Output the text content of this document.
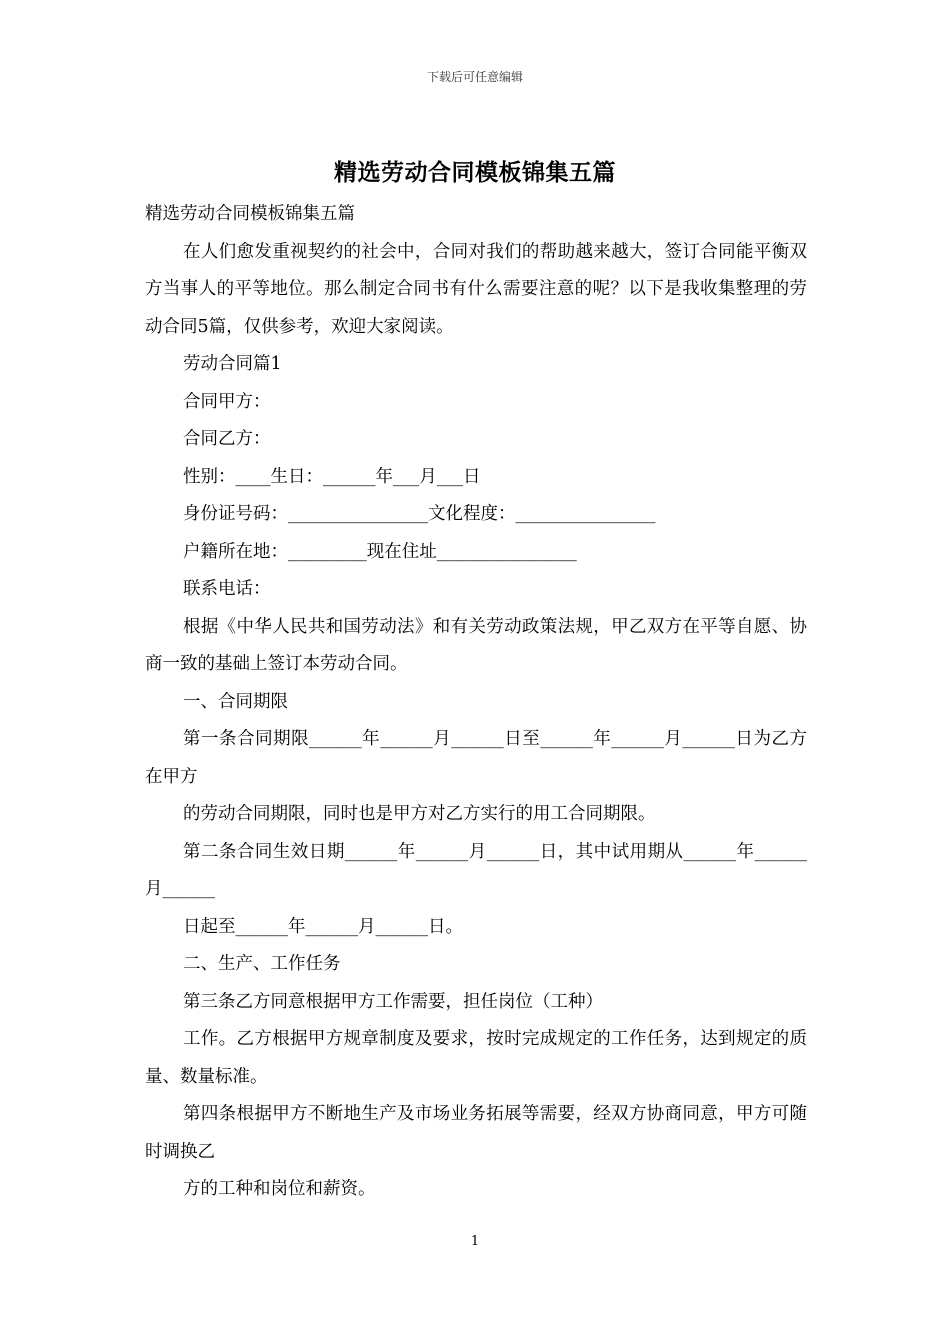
下载后可任意编辑
精选劳动合同模板锦集五篇

精选劳动合同模板锦集五篇

在人们愈发重视契约的社会中，合同对我们的帮助越来越大，签订合同能平衡双方当事人的平等地位。那么制定合同书有什么需要注意的呢？以下是我收集整理的劳动合同5篇，仅供参考，欢迎大家阅读。

劳动合同篇1

合同甲方：

合同乙方：

性别：____生日：______年___月___日

身份证号码：________________文化程度：________________

户籍所在地：_________现在住址________________

联系电话：

根据《中华人民共和国劳动法》和有关劳动政策法规，甲乙双方在平等自愿、协商一致的基础上签订本劳动合同。

一、合同期限

第一条合同期限______年______月______日至______年______月______日为乙方在甲方

的劳动合同期限，同时也是甲方对乙方实行的用工合同期限。

第二条合同生效日期______年______月______日，其中试用期从______年______月______

日起至______年______月______日。

二、生产、工作任务

第三条乙方同意根据甲方工作需要，担任岗位（工种）

工作。乙方根据甲方规章制度及要求，按时完成规定的工作任务，达到规定的质量、数量标准。

第四条根据甲方不断地生产及市场业务拓展等需要，经双方协商同意，甲方可随时调换乙

方的工种和岗位和薪资。

1
